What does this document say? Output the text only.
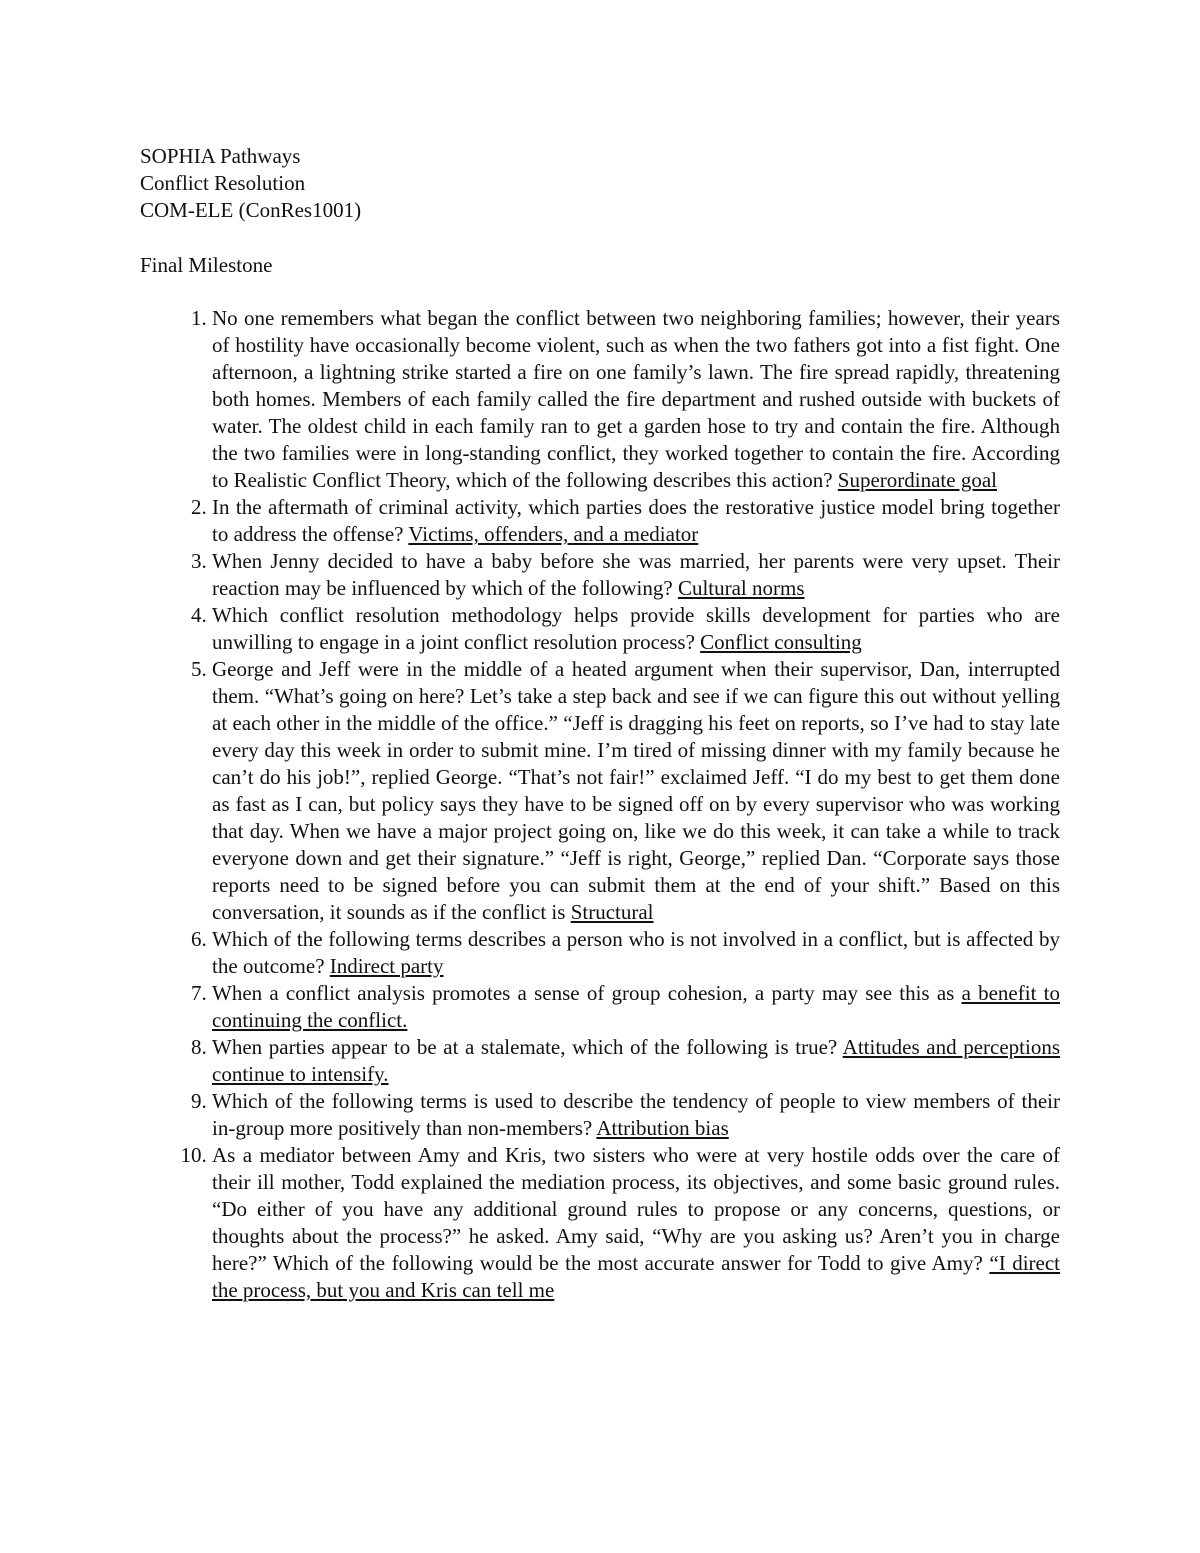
SOPHIA Pathways
Conflict Resolution
COM-ELE (ConRes1001)
Final Milestone
1. No one remembers what began the conflict between two neighboring families; however, their years of hostility have occasionally become violent, such as when the two fathers got into a fist fight. One afternoon, a lightning strike started a fire on one family’s lawn. The fire spread rapidly, threatening both homes. Members of each family called the fire department and rushed outside with buckets of water. The oldest child in each family ran to get a garden hose to try and contain the fire. Although the two families were in long-standing conflict, they worked together to contain the fire. According to Realistic Conflict Theory, which of the following describes this action? Superordinate goal
2. In the aftermath of criminal activity, which parties does the restorative justice model bring together to address the offense? Victims, offenders, and a mediator
3. When Jenny decided to have a baby before she was married, her parents were very upset. Their reaction may be influenced by which of the following? Cultural norms
4. Which conflict resolution methodology helps provide skills development for parties who are unwilling to engage in a joint conflict resolution process? Conflict consulting
5. George and Jeff were in the middle of a heated argument when their supervisor, Dan, interrupted them. “What’s going on here? Let’s take a step back and see if we can figure this out without yelling at each other in the middle of the office.” “Jeff is dragging his feet on reports, so I’ve had to stay late every day this week in order to submit mine. I’m tired of missing dinner with my family because he can’t do his job!”, replied George. “That’s not fair!” exclaimed Jeff. “I do my best to get them done as fast as I can, but policy says they have to be signed off on by every supervisor who was working that day. When we have a major project going on, like we do this week, it can take a while to track everyone down and get their signature.” “Jeff is right, George,” replied Dan. “Corporate says those reports need to be signed before you can submit them at the end of your shift.” Based on this conversation, it sounds as if the conflict is Structural
6. Which of the following terms describes a person who is not involved in a conflict, but is affected by the outcome? Indirect party
7. When a conflict analysis promotes a sense of group cohesion, a party may see this as a benefit to continuing the conflict.
8. When parties appear to be at a stalemate, which of the following is true? Attitudes and perceptions continue to intensify.
9. Which of the following terms is used to describe the tendency of people to view members of their in-group more positively than non-members? Attribution bias
10. As a mediator between Amy and Kris, two sisters who were at very hostile odds over the care of their ill mother, Todd explained the mediation process, its objectives, and some basic ground rules. “Do either of you have any additional ground rules to propose or any concerns, questions, or thoughts about the process?” he asked. Amy said, “Why are you asking us? Aren’t you in charge here?” Which of the following would be the most accurate answer for Todd to give Amy? “I direct the process, but you and Kris can tell me
